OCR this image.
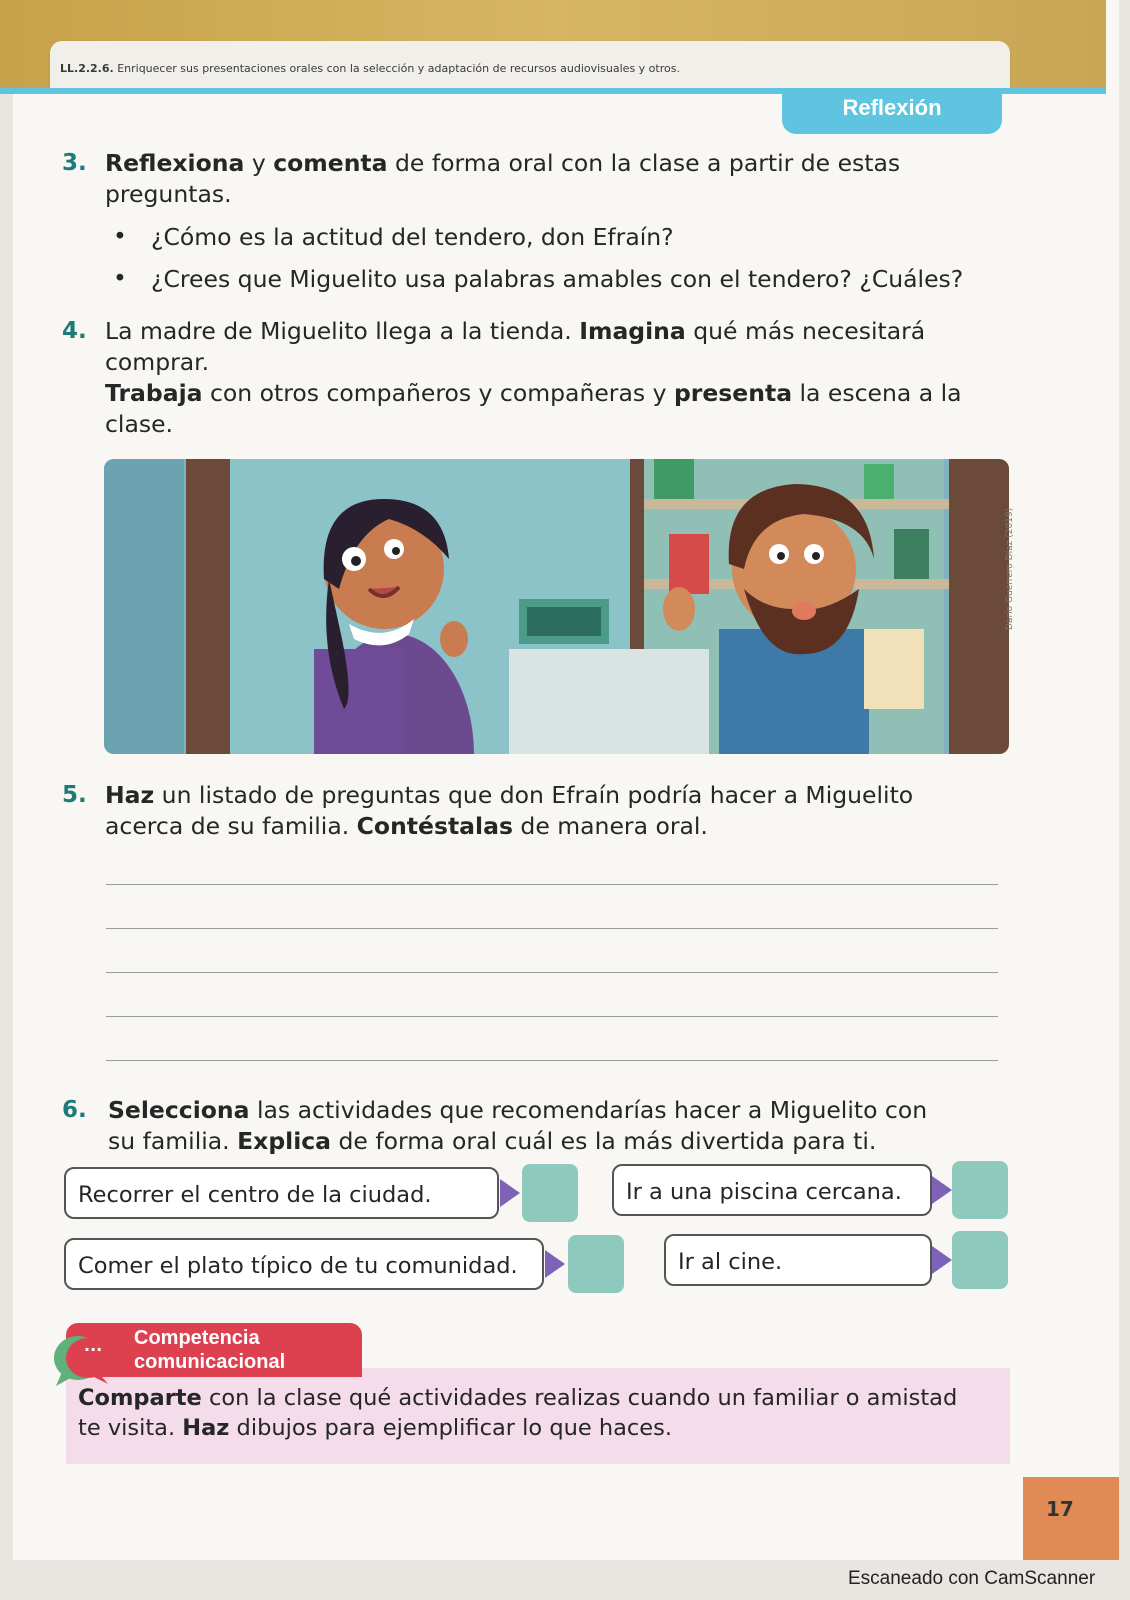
LL.2.2.6. Enriquecer sus presentaciones orales con la selección y adaptación de recursos audiovisuales y otros.
Reflexión
3. Reflexiona y comenta de forma oral con la clase a partir de estas
preguntas.
• ¿Cómo es la actitud del tendero, don Efraín?
• ¿Crees que Miguelito usa palabras amables con el tendero? ¿Cuáles?
4. La madre de Miguelito llega a la tienda. Imagina qué más necesitará
comprar.
Trabaja con otros compañeros y compañeras y presenta la escena a la
clase.
Dario Guerrero Díaz (2019)
5. Haz un listado de preguntas que don Efraín podría hacer a Miguelito
acerca de su familia. Contéstalas de manera oral.
6. Selecciona las actividades que recomendarías hacer a Miguelito con
su familia. Explica de forma oral cuál es la más divertida para ti.
Recorrer el centro de la ciudad.	Ir a una piscina cercana.
Comer el plato típico de tu comunidad.	Ir al cine.
... Competencia
comunicacional
Comparte con la clase qué actividades realizas cuando un familiar o amistad
te visita. Haz dibujos para ejemplificar lo que haces.
17
Escaneado con CamScanner
